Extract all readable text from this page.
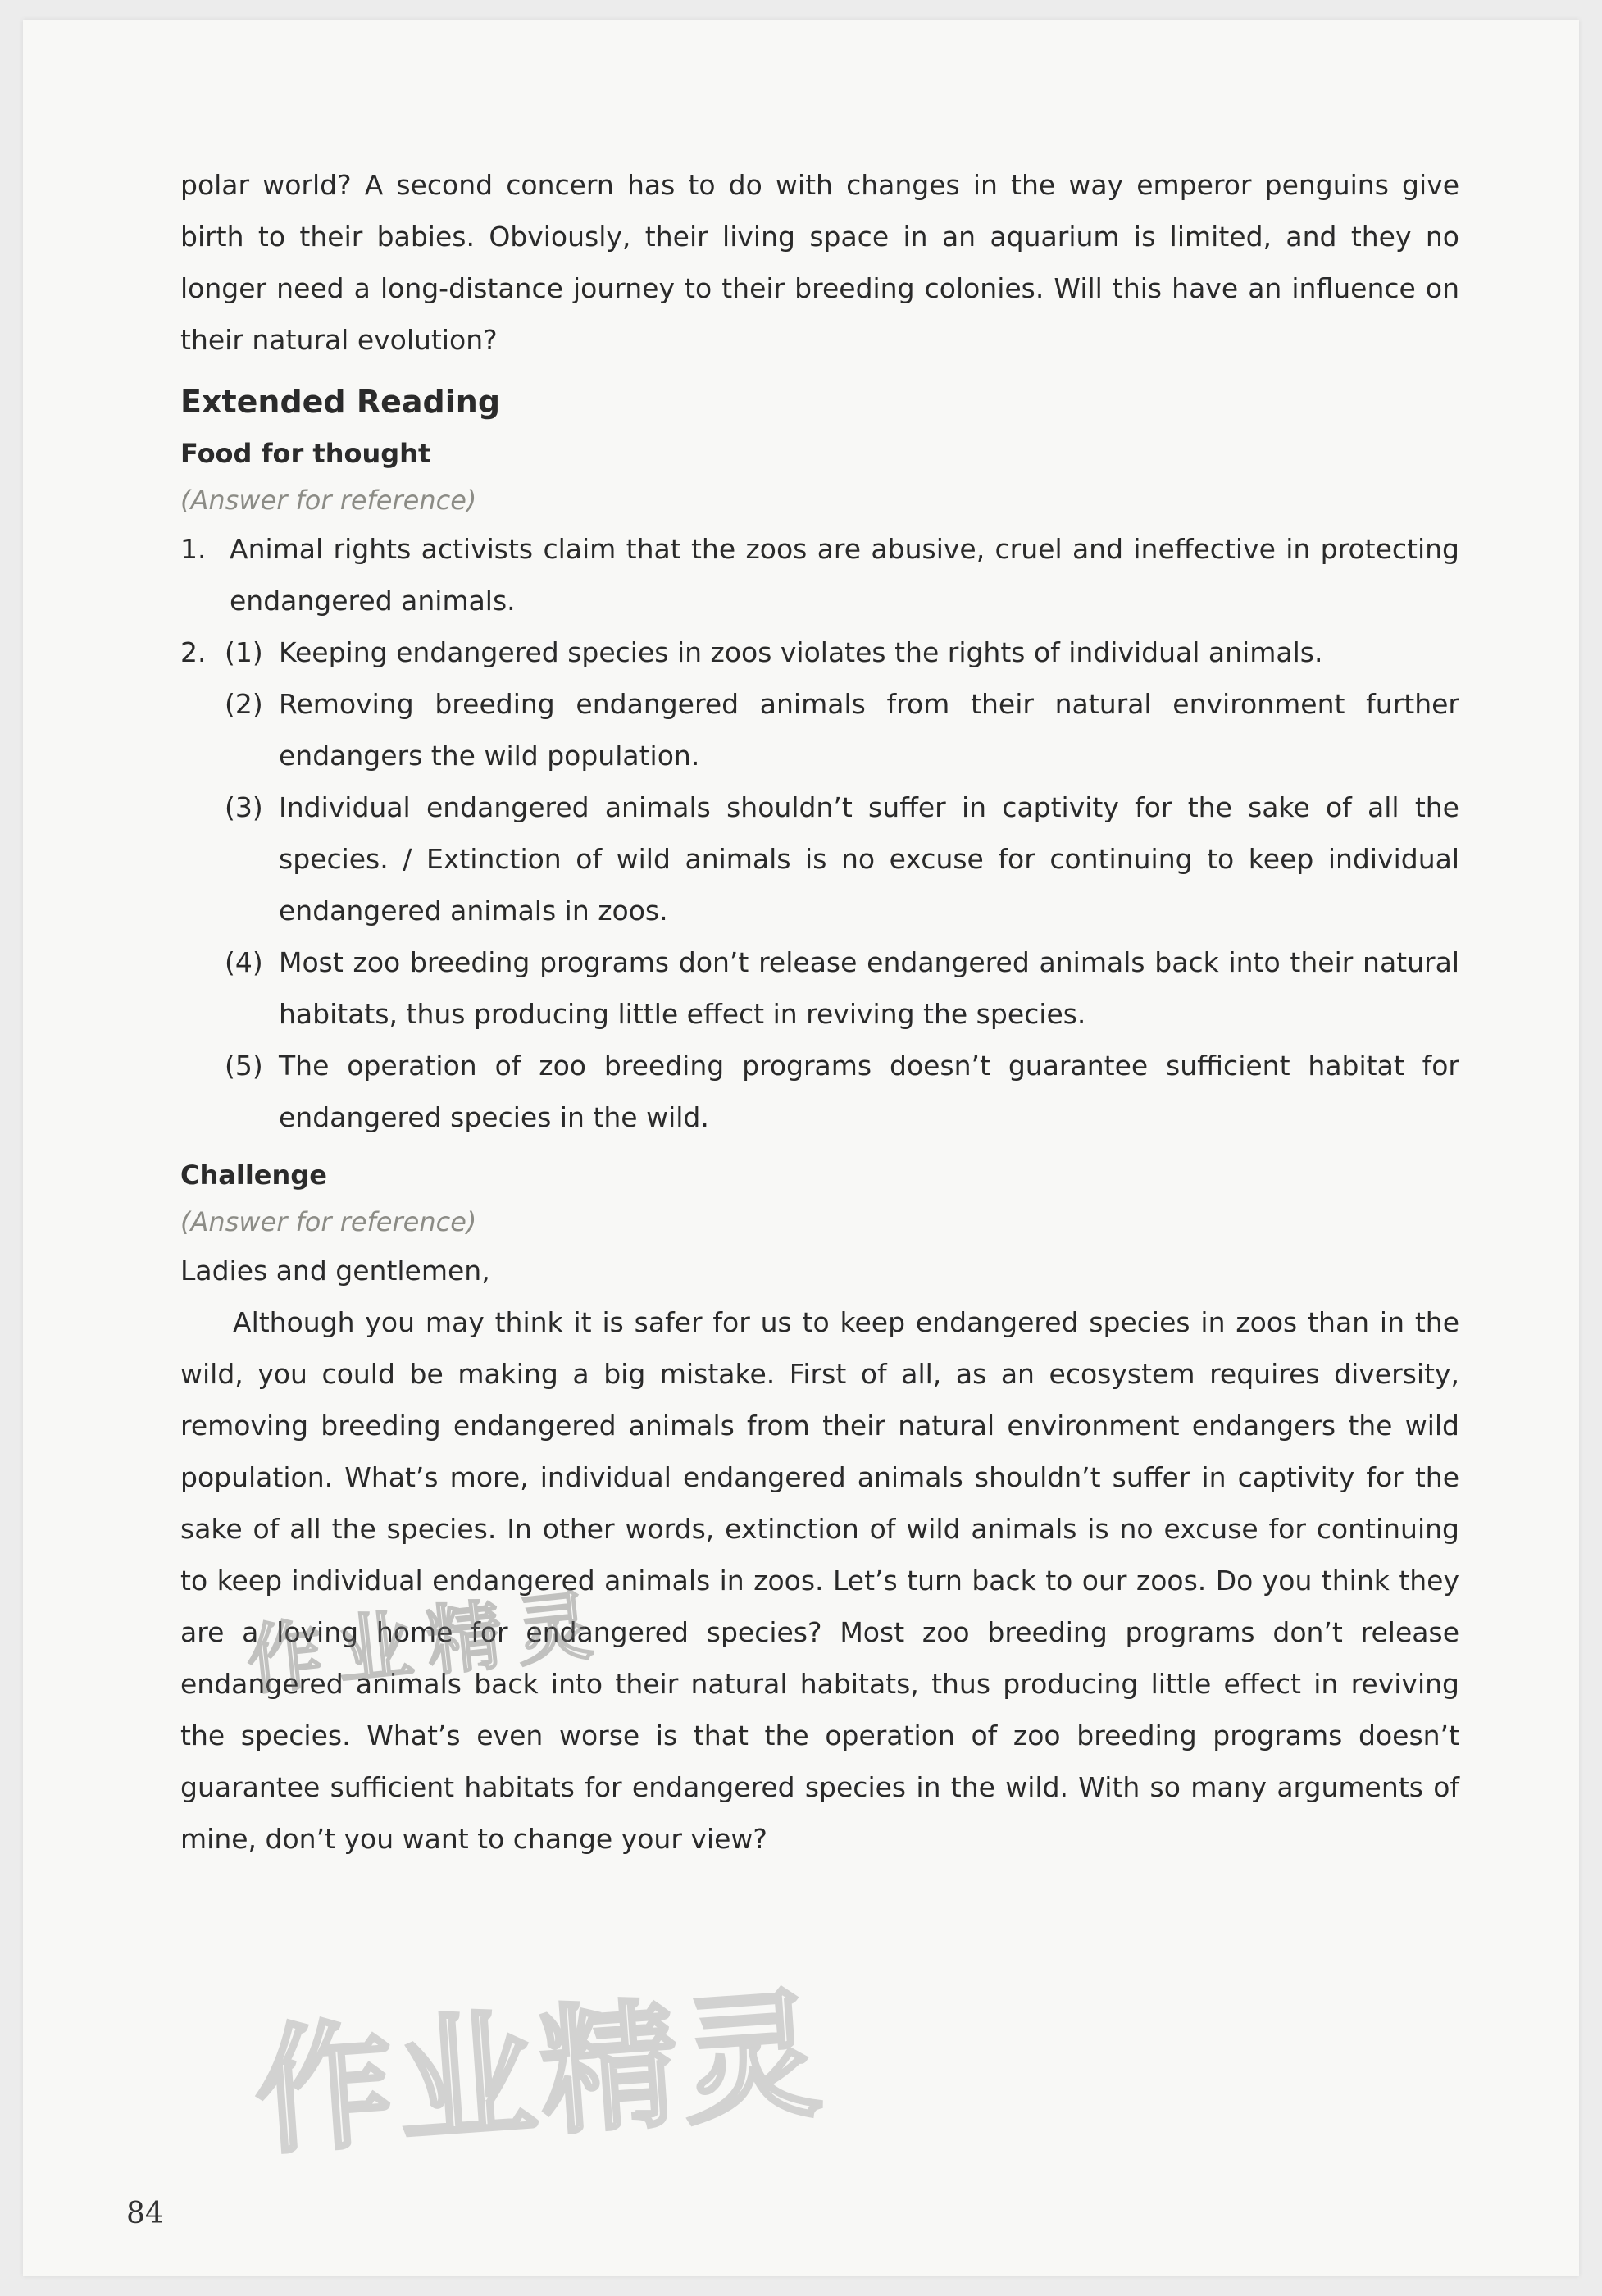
polar world? A second concern has to do with changes in the way emperor penguins give birth to their babies. Obviously, their living space in an aquarium is limited, and they no longer need a long-distance journey to their breeding colonies. Will this have an influence on their natural evolution?

Extended Reading
Food for thought

(Answer for reference)

1. Animal rights activists claim that the zoos are abusive, cruel and ineffective in protecting endangered animals.
2. (1) Keeping endangered species in zoos violates the rights of individual animals.
(2) Removing breeding endangered animals from their natural environment further endangers the wild population.
(3) Individual endangered animals shouldn’t suffer in captivity for the sake of all the species. / Extinction of wild animals is no excuse for continuing to keep individual endangered animals in zoos.
(4) Most zoo breeding programs don’t release endangered animals back into their natural habitats, thus producing little effect in reviving the species.
(5) The operation of zoo breeding programs doesn’t guarantee sufficient habitat for endangered species in the wild.
Challenge

(Answer for reference)

Ladies and gentlemen,

Although you may think it is safer for us to keep endangered species in zoos than in the wild, you could be making a big mistake. First of all, as an ecosystem requires diversity, removing breeding endangered animals from their natural environment endangers the wild population. What’s more, individual endangered animals shouldn’t suffer in captivity for the sake of all the species. In other words, extinction of wild animals is no excuse for continuing to keep individual endangered animals in zoos. Let’s turn back to our zoos. Do you think they are a loving home for endangered species? Most zoo breeding programs don’t release endangered animals back into their natural habitats, thus producing little effect in reviving the species. What’s even worse is that the operation of zoo breeding programs doesn’t guarantee sufficient habitats for endangered species in the wild. With so many arguments of mine, don’t you want to change your view?

84
